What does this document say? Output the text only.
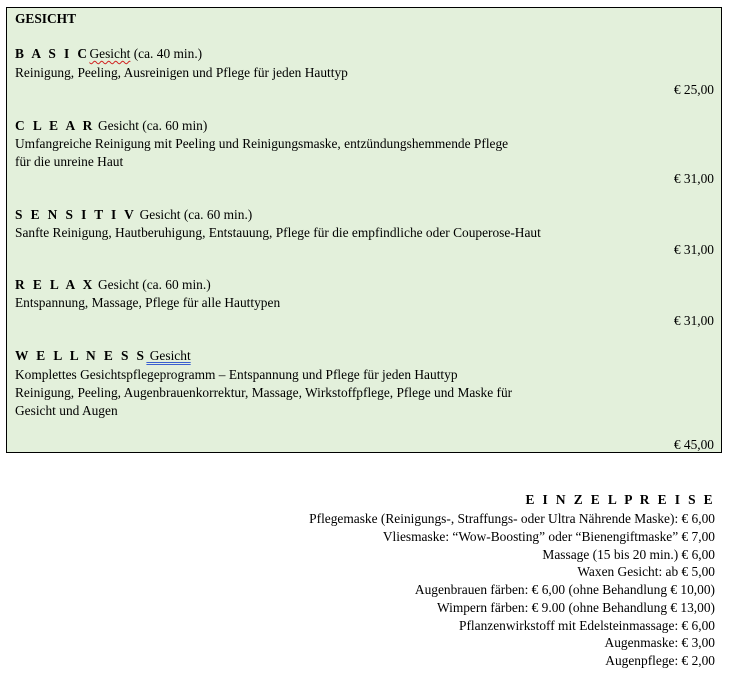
GESICHT
B A S I CGesicht (ca. 40 min.)
Reinigung, Peeling, Ausreinigen und Pflege für jeden Hauttyp
€ 25,00
C L E A R Gesicht (ca. 60 min)
Umfangreiche Reinigung mit Peeling und Reinigungsmaske, entzündungshemmende Pflege
für die unreine Haut
€ 31,00
S E N S I T I V Gesicht (ca. 60 min.)
Sanfte Reinigung, Hautberuhigung, Entstauung, Pflege für die empfindliche oder Couperose-Haut
€ 31,00
R E L A X Gesicht (ca. 60 min.)
Entspannung, Massage, Pflege für alle Hauttypen
€ 31,00
W E L L N E S S Gesicht
Komplettes Gesichtspflegeprogramm – Entspannung und Pflege für jeden Hauttyp
Reinigung, Peeling, Augenbrauenkorrektur, Massage, Wirkstoffpflege, Pflege und Maske für
Gesicht und Augen
€ 45,00
E I N Z E L P R E I S E
Pflegemaske (Reinigungs-, Straffungs- oder Ultra Nährende Maske): € 6,00
Vliesmaske: “Wow-Boosting” oder “Bienengiftmaske” € 7,00
Massage (15 bis 20 min.) € 6,00
Waxen Gesicht: ab € 5,00
Augenbrauen färben: € 6,00 (ohne Behandlung € 10,00)
Wimpern färben: € 9.00 (ohne Behandlung € 13,00)
Pflanzenwirkstoff mit Edelsteinmassage: € 6,00
Augenmaske: € 3,00
Augenpflege: € 2,00
